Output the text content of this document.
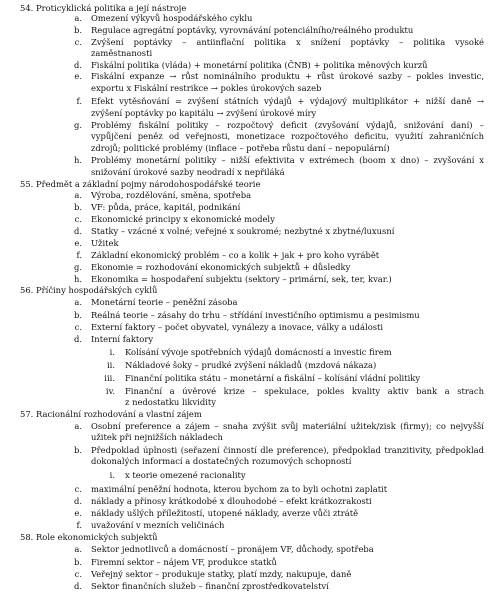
54. Proticyklická politika a její nástroje
a. Omezení výkyvů hospodářského cyklu
b. Regulace agregátní poptávky, vyrovnávání potenciálního/reálného produktu
c. Zvýšení poptávky – antiinflační politika x snížení poptávky – politika vysoké
zaměstnanosti
d. Fiskální politika (vláda) + monetární politika (ČNB) + politika měnových kurzů
e. Fiskální expanze → růst nominálního produktu + růst úrokové sazby – pokles investic,
exportu x Fiskální restrikce → pokles úrokových sazeb
f. Efekt vytěsňování = zvýšení státních výdajů + výdajový multiplikátor + nižší daně →
zvýšení poptávky po kapitálu → zvýšení úrokové míry
g. Problémy fiskální politiky – rozpočtový deficit (zvyšování výdajů, snižování daní) –
vypůjčení peněz od veřejnosti, monetizace rozpočtového deficitu, využití zahraničních
zdrojů; politické problémy (inflace – potřeba růstu daní – nepopulární)
h. Problémy monetární politiky – nižší efektivita v extrémech (boom x dno) – zvyšování x
snižování úrokové sazby neodradí x nepřiláká
55. Předmět a základní pojmy národohospodářské teorie
a. Výroba, rozdělování, směna, spotřeba
b. VF: půda, práce, kapitál, podnikání
c. Ekonomické principy x ekonomické modely
d. Statky – vzácné x volné; veřejné x soukromé; nezbytné x zbytné/luxusní
e. Užitek
f. Základní ekonomický problém – co a kolik + jak + pro koho vyrábět
g. Ekonomie = rozhodování ekonomických subjektů + důsledky
h. Ekonomika = hospodaření subjektu (sektory – primární, sek, ter, kvar.)
56. Příčiny hospodářských cyklů
a. Monetární teorie – peněžní zásoba
b. Reálná teorie – zásahy do trhu – střídání investičního optimismu a pesimismu
c. Externí faktory – počet obyvatel, vynálezy a inovace, války a události
d. Interní faktory
i. Kolísání vývoje spotřebních výdajů domácností a investic firem
ii. Nákladové šoky – prudké zvýšení nákladů (mzdová nákaza)
iii. Finanční politika státu – monetární a fiskální – kolísání vládní politiky
iv. Finanční a úvěrové krize – spekulace, pokles kvality aktiv bank a strach
z nedostatku likvidity
57. Racionální rozhodování a vlastní zájem
a. Osobní preference a zájem – snaha zvýšit svůj materiální užitek/zisk (firmy); co nejvyšší
užitek při nejnižších nákladech
b. Předpoklad úplnosti (seřazení činností dle preference), předpoklad tranzitivity, předpoklad
dokonalých informací a dostatečných rozumových schopností
i. x teorie omezené racionality
c. maximální peněžní hodnota, kterou bychom za to byli ochotni zaplatit
d. náklady a přínosy krátkodobé x dlouhodobé – efekt krátkozrakosti
e. náklady ušlých příležitostí, utopené náklady, averze vůči ztrátě
f. uvažování v mezních veličinách
58. Role ekonomických subjektů
a. Sektor jednotlivců a domácností – pronájem VF, důchody, spotřeba
b. Firemní sektor – nájem VF, produkce statků
c. Veřejný sektor – produkuje statky, platí mzdy, nakupuje, daně
d. Sektor finančních služeb – finanční zprostředkovatelství
